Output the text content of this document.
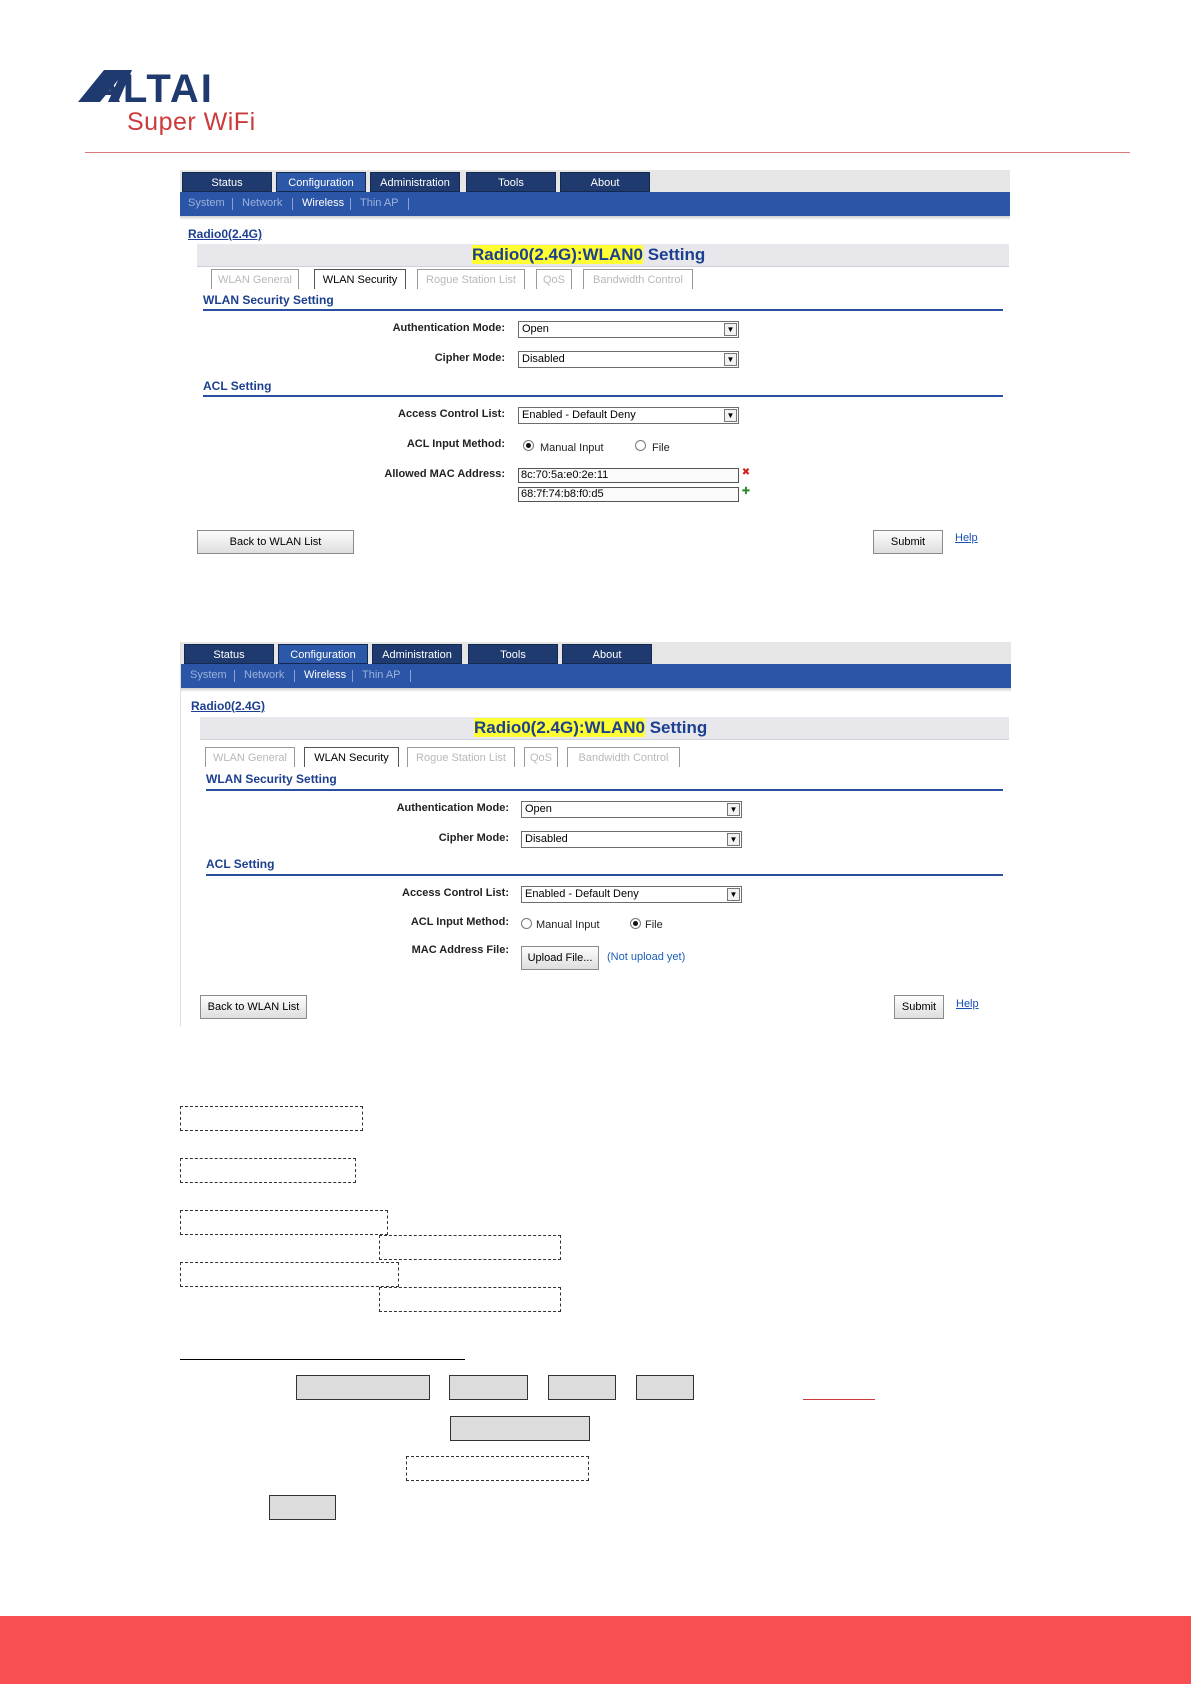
ALTAI
Super WiFi
Status	Configuration	Administration	Tools	About
System Network Wireless Thin AP
Radio0(2.4G)
Radio0(2.4G):WLAN0 Setting
WLAN General	WLAN Security	Rogue Station List	QoS	Bandwidth Control
WLAN Security Setting
Authentication Mode:	Open	▼
Cipher Mode:	Disabled	▼
ACL Setting
Access Control List:	Enabled - Default Deny	▼
ACL Input Method:	Manual Input	File
Allowed MAC Address: 8c:70:5a:e0:2e:11	✖
68:7f:74:b8:f0:d5	✚
Back to WLAN List	Submit	Help
Status	Configuration	Administration	Tools	About
System Network Wireless Thin AP
Radio0(2.4G)
Radio0(2.4G):WLAN0 Setting
WLAN General	WLAN Security	Rogue Station List	QoS	Bandwidth Control
WLAN Security Setting
Authentication Mode:	Open	▼
Cipher Mode:	Disabled	▼
ACL Setting
Access Control List:	Enabled - Default Deny	▼
ACL Input Method: Manual Input	File
MAC Address File:
Upload File...	(Not upload yet)
Back to WLAN List	Submit	Help
